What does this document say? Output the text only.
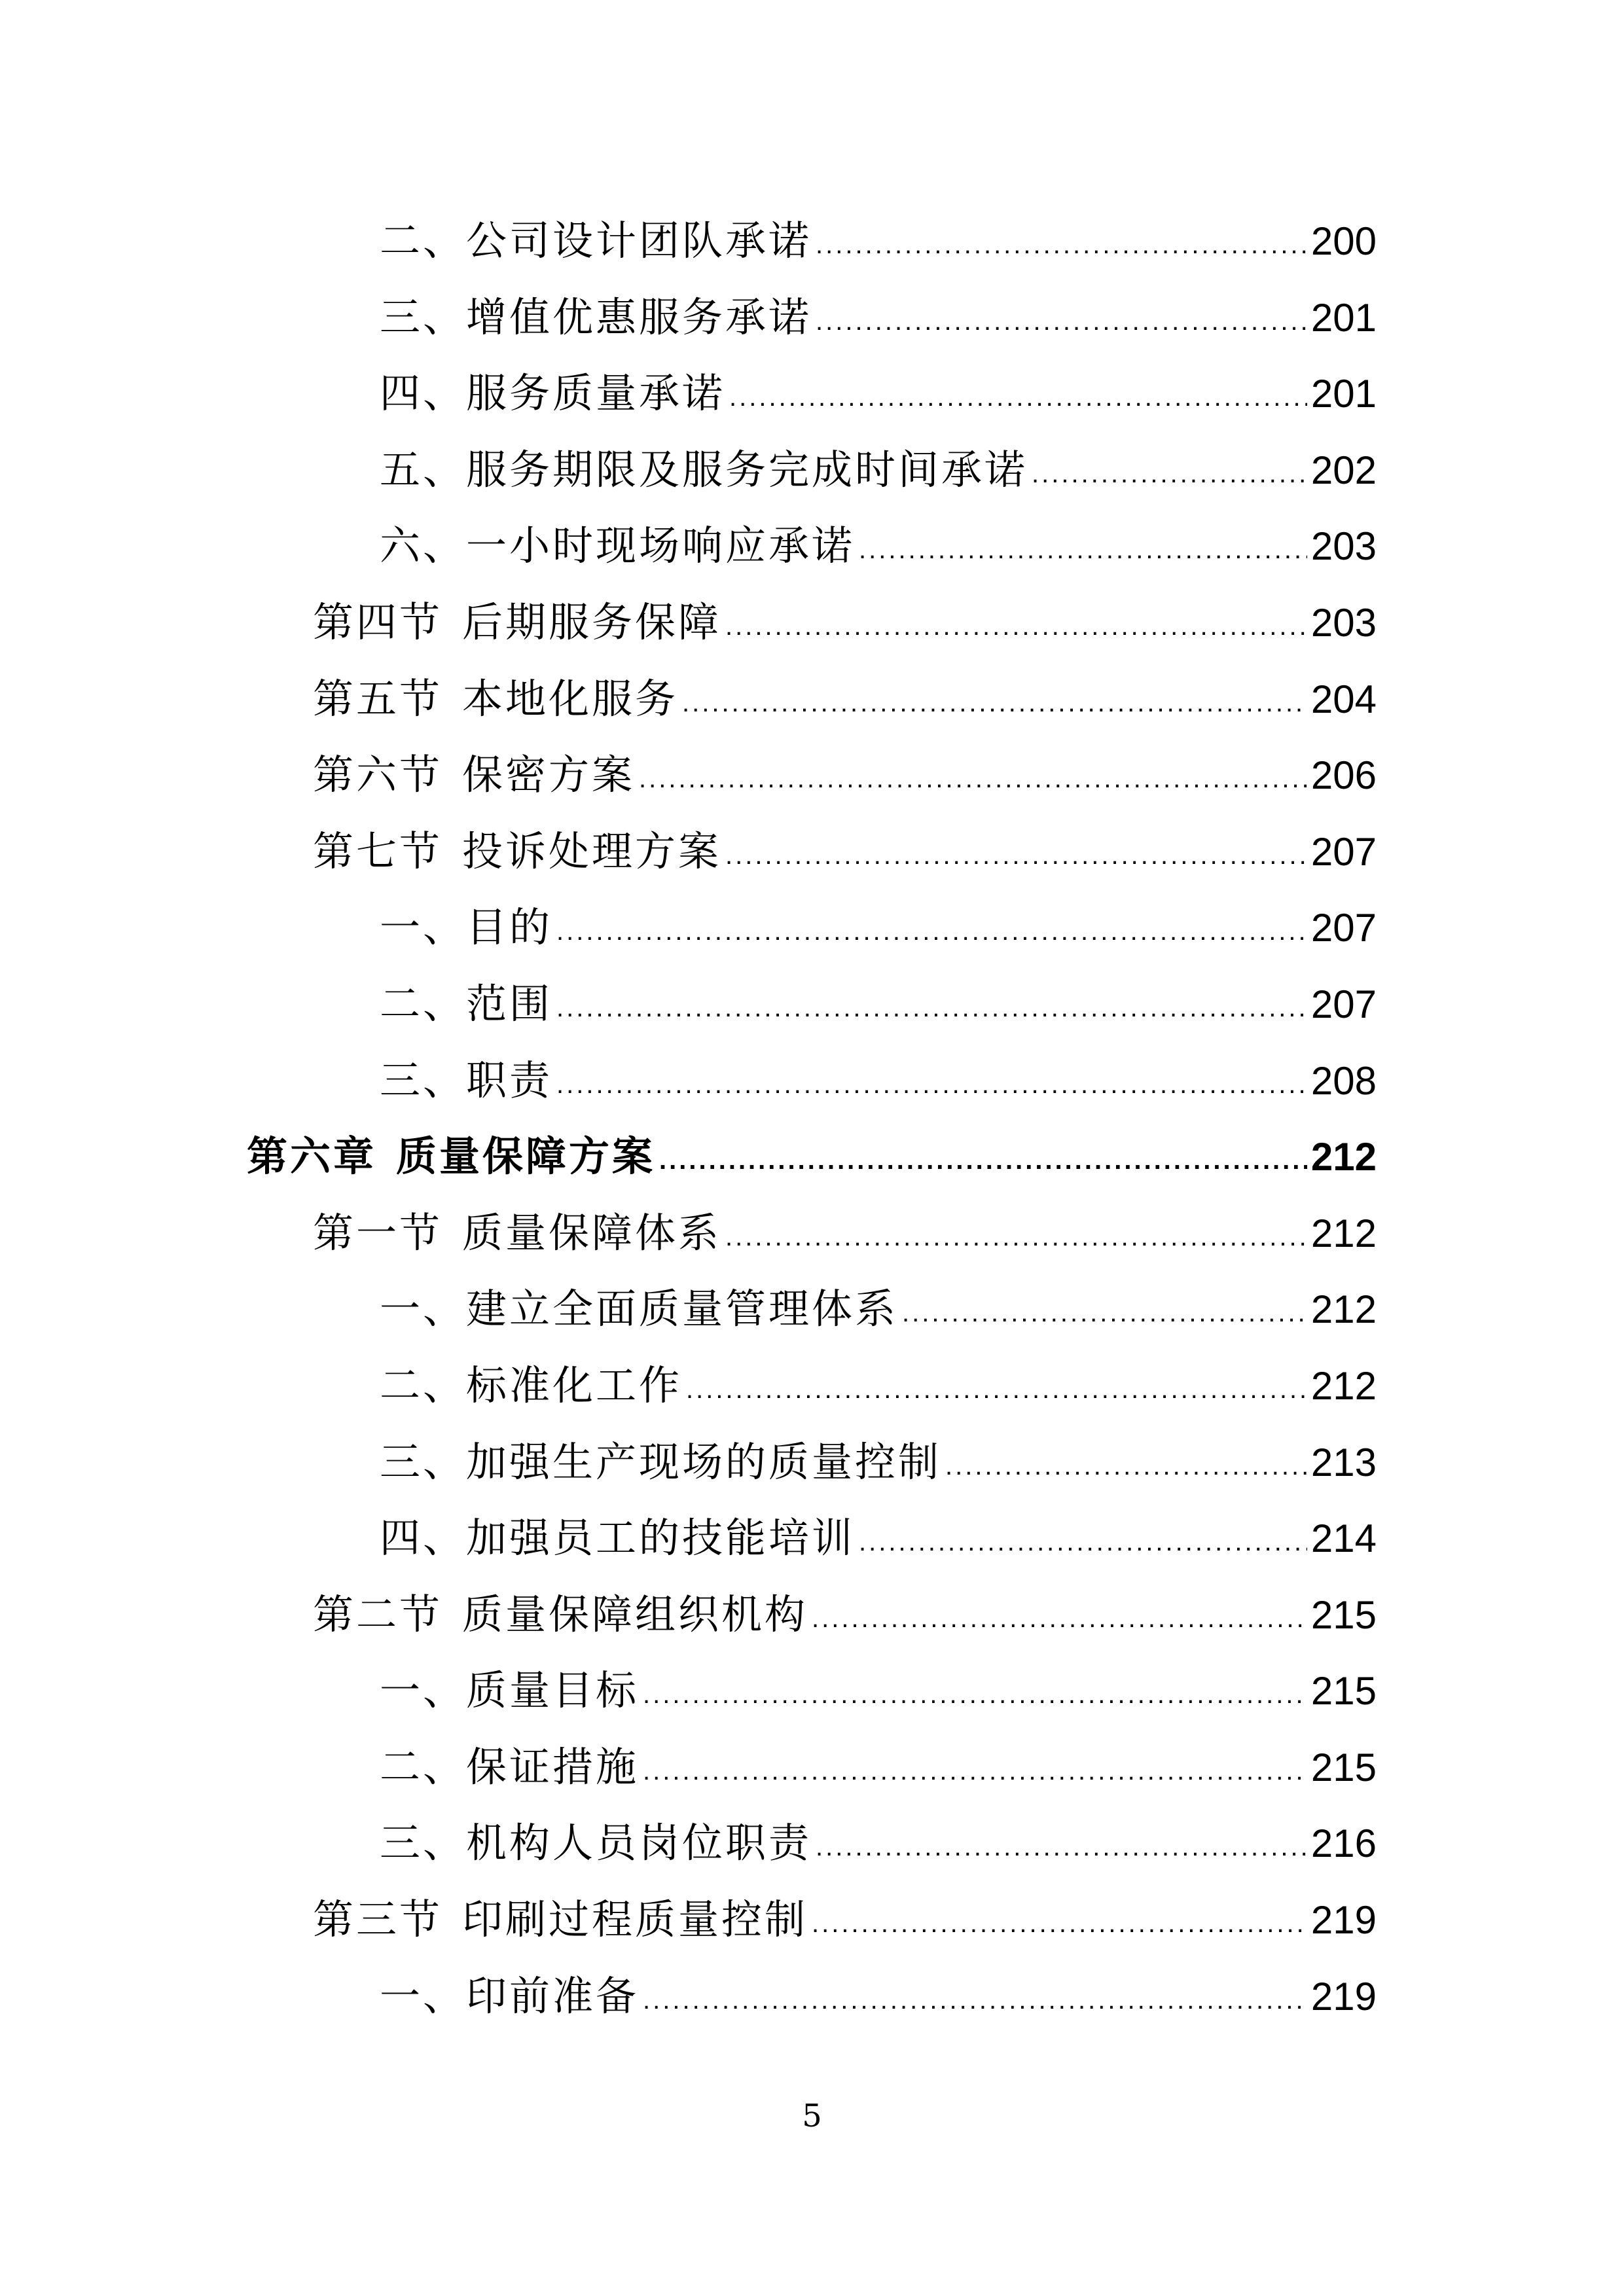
二、公司设计团队承诺 .....	200
三、增值优惠服务承诺 .....	201
四、服务质量承诺 .....	201
五、服务期限及服务完成时间承诺 .....	202
六、一小时现场响应承诺 .....	203
第四节 后期服务保障 .....	203
第五节 本地化服务 .....	204
第六节 保密方案 .....	206
第七节 投诉处理方案 .....	207
一、目的 .....	207
二、范围 .....	207
三、职责 .....	208
第六章 质量保障方案 .....	212
第一节 质量保障体系 .....	212
一、建立全面质量管理体系 .....	212
二、标准化工作 .....	212
三、加强生产现场的质量控制 .....	213
四、加强员工的技能培训 .....	214
第二节 质量保障组织机构 .....	215
一、质量目标 .....	215
二、保证措施 .....	215
三、机构人员岗位职责 .....	216
第三节 印刷过程质量控制 .....	219
一、印前准备 .....	219
5
